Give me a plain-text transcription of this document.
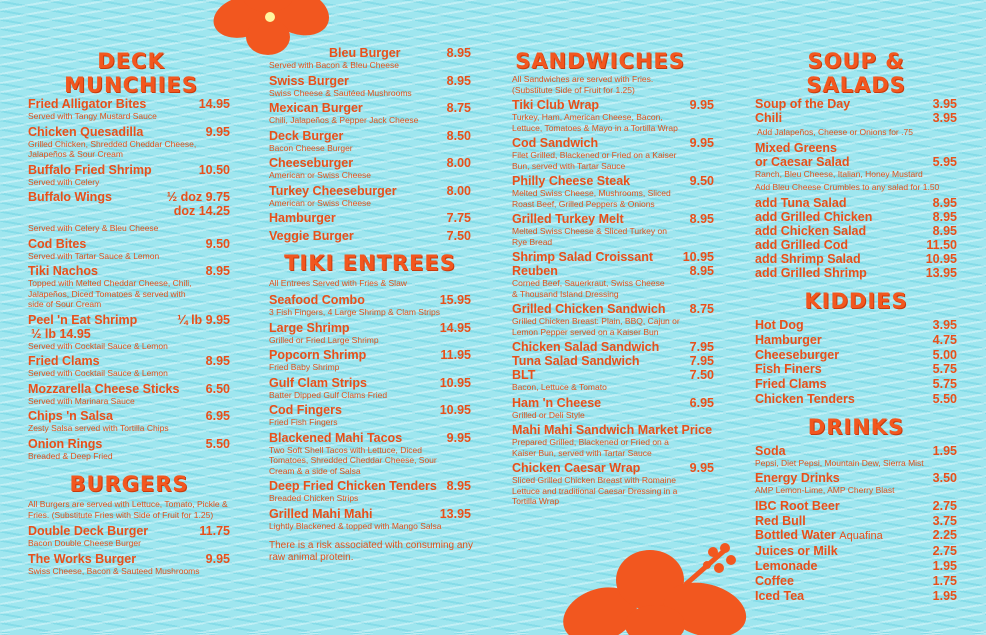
DECK MUNCHIES
Fried Alligator Bites	14.95
Served with Tangy Mustard Sauce
Chicken Quesadilla	9.95
Grilled Chicken, Shredded Cheddar Cheese, Jalapeños & Sour Cream
Buffalo Fried Shrimp	10.50
Served with Celery
Buffalo Wings	½ doz 9.75
doz 14.25
Served with Celery & Bleu Cheese
Cod Bites	9.50
Served with Tartar Sauce & Lemon
Tiki Nachos	8.95
Topped with Melted Cheddar Cheese, Chili, Jalapeños, Diced Tomatoes & served with side of Sour Cream
Peel 'n Eat Shrimp	¼ lb 9.95
½ lb 14.95
Served with Cocktail Sauce & Lemon
Fried Clams	8.95
Served with Cocktail Sauce & Lemon
Mozzarella Cheese Sticks 6.50
Served with Marinara Sauce
Chips 'n Salsa	6.95
Zesty Salsa served with Tortilla Chips
Onion Rings	5.50
Breaded & Deep Fried
BURGERS
All Burgers are served with Lettuce, Tomato, Pickle & Fries. (Substitute Fries with Side of Fruit for 1.25)
Double Deck Burger	11.75
Bacon Double Cheese Burger
The Works Burger	9.95
Swiss Cheese, Bacon & Sauteed Mushrooms
Bleu Burger	8.95
Served with Bacon & Bleu Cheese
Swiss Burger	8.95
Swiss Cheese & Sautéed Mushrooms
Mexican Burger	8.75
Chili, Jalapeños & Pepper Jack Cheese
Deck Burger	8.50
Bacon Cheese Burger
Cheeseburger	8.00
American or Swiss Cheese
Turkey Cheeseburger	8.00
American or Swiss Cheese
Hamburger	7.75
Veggie Burger	7.50
TIKI ENTREES
All Entrees Served with Fries & Slaw
Seafood Combo	15.95
3 Fish Fingers, 4 Large Shrimp & Clam Strips
Large Shrimp	14.95
Grilled or Fried Large Shrimp
Popcorn Shrimp	11.95
Fried Baby Shrimp
Gulf Clam Strips	10.95
Batter Dipped Gulf Clams Fried
Cod Fingers	10.95
Fried Fish Fingers
Blackened Mahi Tacos	9.95
Two Soft Shell Tacos with Lettuce, Diced Tomatoes, Shredded Cheddar Cheese, Sour Cream & a side of Salsa
Deep Fried Chicken Tenders 8.95
Breaded Chicken Strips
Grilled Mahi Mahi	13.95
Lightly Blackened & topped with Mango Salsa
There is a risk associated with consuming any raw animal protein.
SANDWICHES
All Sandwiches are served with Fries. (Substitute Side of Fruit for 1.25)
Tiki Club Wrap	9.95
Turkey, Ham, American Cheese, Bacon, Lettuce, Tomatoes & Mayo in a Tortilla Wrap
Cod Sandwich	9.95
Filet Grilled, Blackened or Fried on a Kaiser Bun, served with Tartar Sauce
Philly Cheese Steak	9.50
Melted Swiss Cheese, Mushrooms, Sliced Roast Beef, Grilled Peppers & Onions
Grilled Turkey Melt	8.95
Melted Swiss Cheese & Sliced Turkey on Rye Bread
Shrimp Salad Croissant 10.95
Reuben	8.95
Corned Beef, Sauerkraut, Swiss Cheese & Thousand Island Dressing
Grilled Chicken Sandwich 8.75
Grilled Chicken Breast: Plain, BBQ, Cajun or Lemon Pepper served on a Kaiser Bun
Chicken Salad Sandwich 7.95
Tuna Salad Sandwich	7.95
BLT	7.50
Bacon, Lettuce & Tomato
Ham 'n Cheese	6.95
Grilled or Deli Style
Mahi Mahi Sandwich Market Price
Prepared Grilled, Blackened or Fried on a Kaiser Bun, served with Tartar Sauce
Chicken Caesar Wrap	9.95
Sliced Grilled Chicken Breast with Romaine Lettuce and traditional Caesar Dressing in a Tortilla Wrap
SOUP & SALADS
Soup of the Day	3.95
Chili	3.95
Add Jalapeños, Cheese or Onions for .75
Mixed Greens
or Caesar Salad	5.95
Ranch, Bleu Cheese, Italian, Honey Mustard
Add Bleu Cheese Crumbles to any salad for 1.50
add Tuna Salad	8.95
add Grilled Chicken	8.95
add Chicken Salad	8.95
add Grilled Cod	11.50
add Shrimp Salad	10.95
add Grilled Shrimp	13.95
KIDDIES
Hot Dog	3.95
Hamburger	4.75
Cheeseburger	5.00
Fish Finers	5.75
Fried Clams	5.75
Chicken Tenders	5.50
DRINKS
Soda	1.95
Pepsi, Diet Pepsi, Mountain Dew, Sierra Mist
Energy Drinks	3.50
AMP Lemon-Lime, AMP Cherry Blast
IBC Root Beer	2.75
Red Bull	3.75
Bottled Water Aquafina	2.25
Juices or Milk	2.75
Lemonade	1.95
Coffee	1.75
Iced Tea	1.95
